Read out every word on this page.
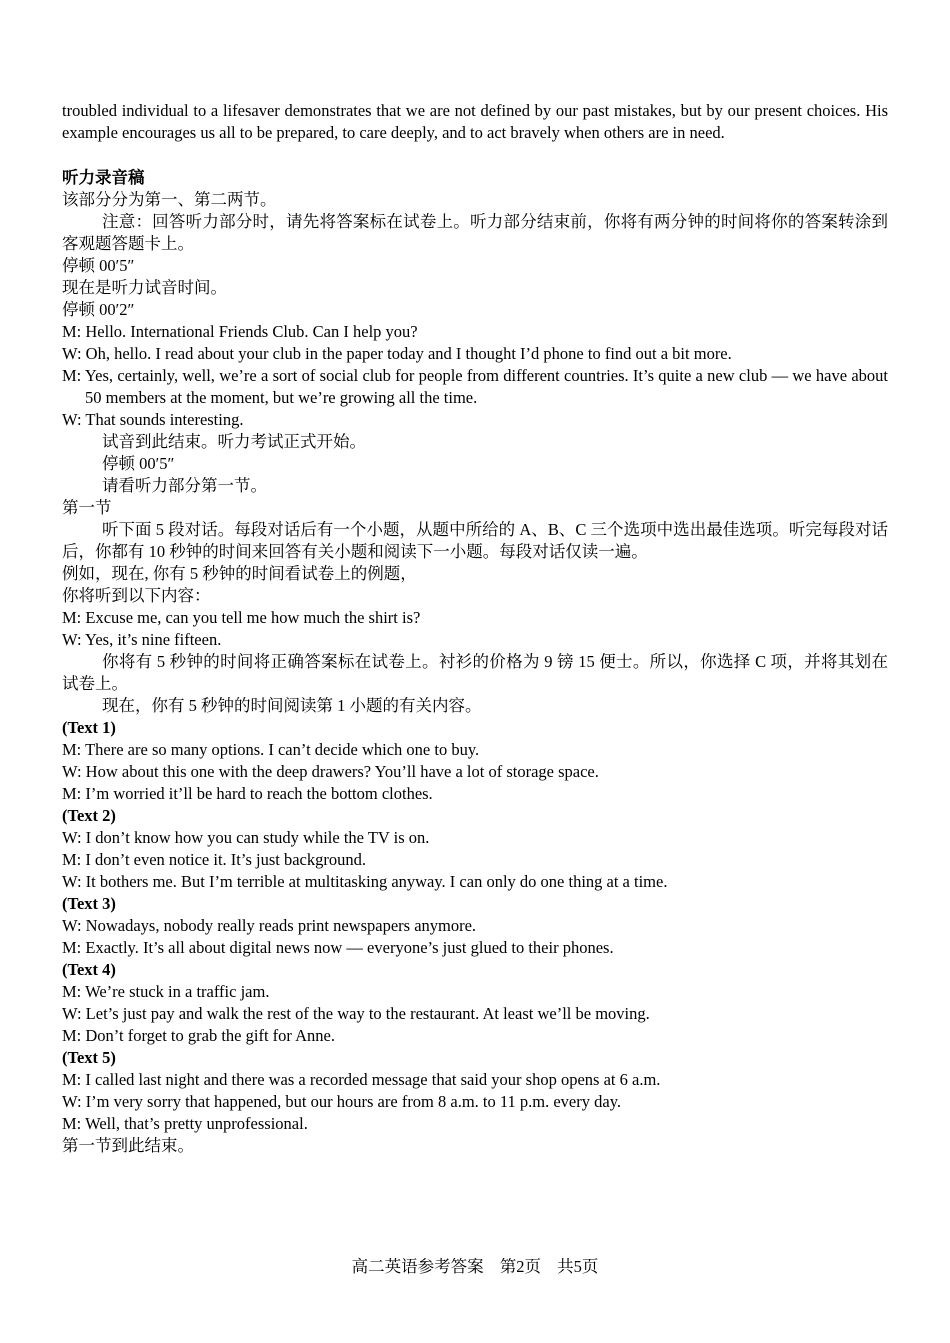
troubled individual to a lifesaver demonstrates that we are not defined by our past mistakes, but by our present choices. His example encourages us all to be prepared, to care deeply, and to act bravely when others are in need.

听力录音稿

该部分分为第一、第二两节。

注意：回答听力部分时，请先将答案标在试卷上。听力部分结束前，你将有两分钟的时间将你的答案转涂到客观题答题卡上。

停顿 00′5″

现在是听力试音时间。

停顿 00′2″

M: Hello. International Friends Club. Can I help you?

W: Oh, hello. I read about your club in the paper today and I thought I’d phone to find out a bit more.

M: Yes, certainly, well, we’re a sort of social club for people from different countries. It’s quite a new club — we have about 50 members at the moment, but we’re growing all the time.

W: That sounds interesting.

试音到此结束。听力考试正式开始。

停顿 00′5″

请看听力部分第一节。

第一节

听下面 5 段对话。每段对话后有一个小题，从题中所给的 A、B、C 三个选项中选出最佳选项。听完每段对话后，你都有 10 秒钟的时间来回答有关小题和阅读下一小题。每段对话仅读一遍。

例如，现在, 你有 5 秒钟的时间看试卷上的例题，

你将听到以下内容：

M: Excuse me, can you tell me how much the shirt is?

W: Yes, it’s nine fifteen.

你将有 5 秒钟的时间将正确答案标在试卷上。衬衫的价格为 9 镑 15 便士。所以，你选择 C 项，并将其划在试卷上。

现在，你有 5 秒钟的时间阅读第 1 小题的有关内容。

(Text 1)

M: There are so many options. I can’t decide which one to buy.

W: How about this one with the deep drawers? You’ll have a lot of storage space.

M: I’m worried it’ll be hard to reach the bottom clothes.

(Text 2)

W: I don’t know how you can study while the TV is on.

M: I don’t even notice it. It’s just background.

W: It bothers me. But I’m terrible at multitasking anyway. I can only do one thing at a time.

(Text 3)

W: Nowadays, nobody really reads print newspapers anymore.

M: Exactly. It’s all about digital news now — everyone’s just glued to their phones.

(Text 4)

M: We’re stuck in a traffic jam.

W: Let’s just pay and walk the rest of the way to the restaurant. At least we’ll be moving.

M: Don’t forget to grab the gift for Anne.

(Text 5)

M: I called last night and there was a recorded message that said your shop opens at 6 a.m.

W: I’m very sorry that happened, but our hours are from 8 a.m. to 11 p.m. every day.

M: Well, that’s pretty unprofessional.

第一节到此结束。

高二英语参考答案 第2页 共5页
